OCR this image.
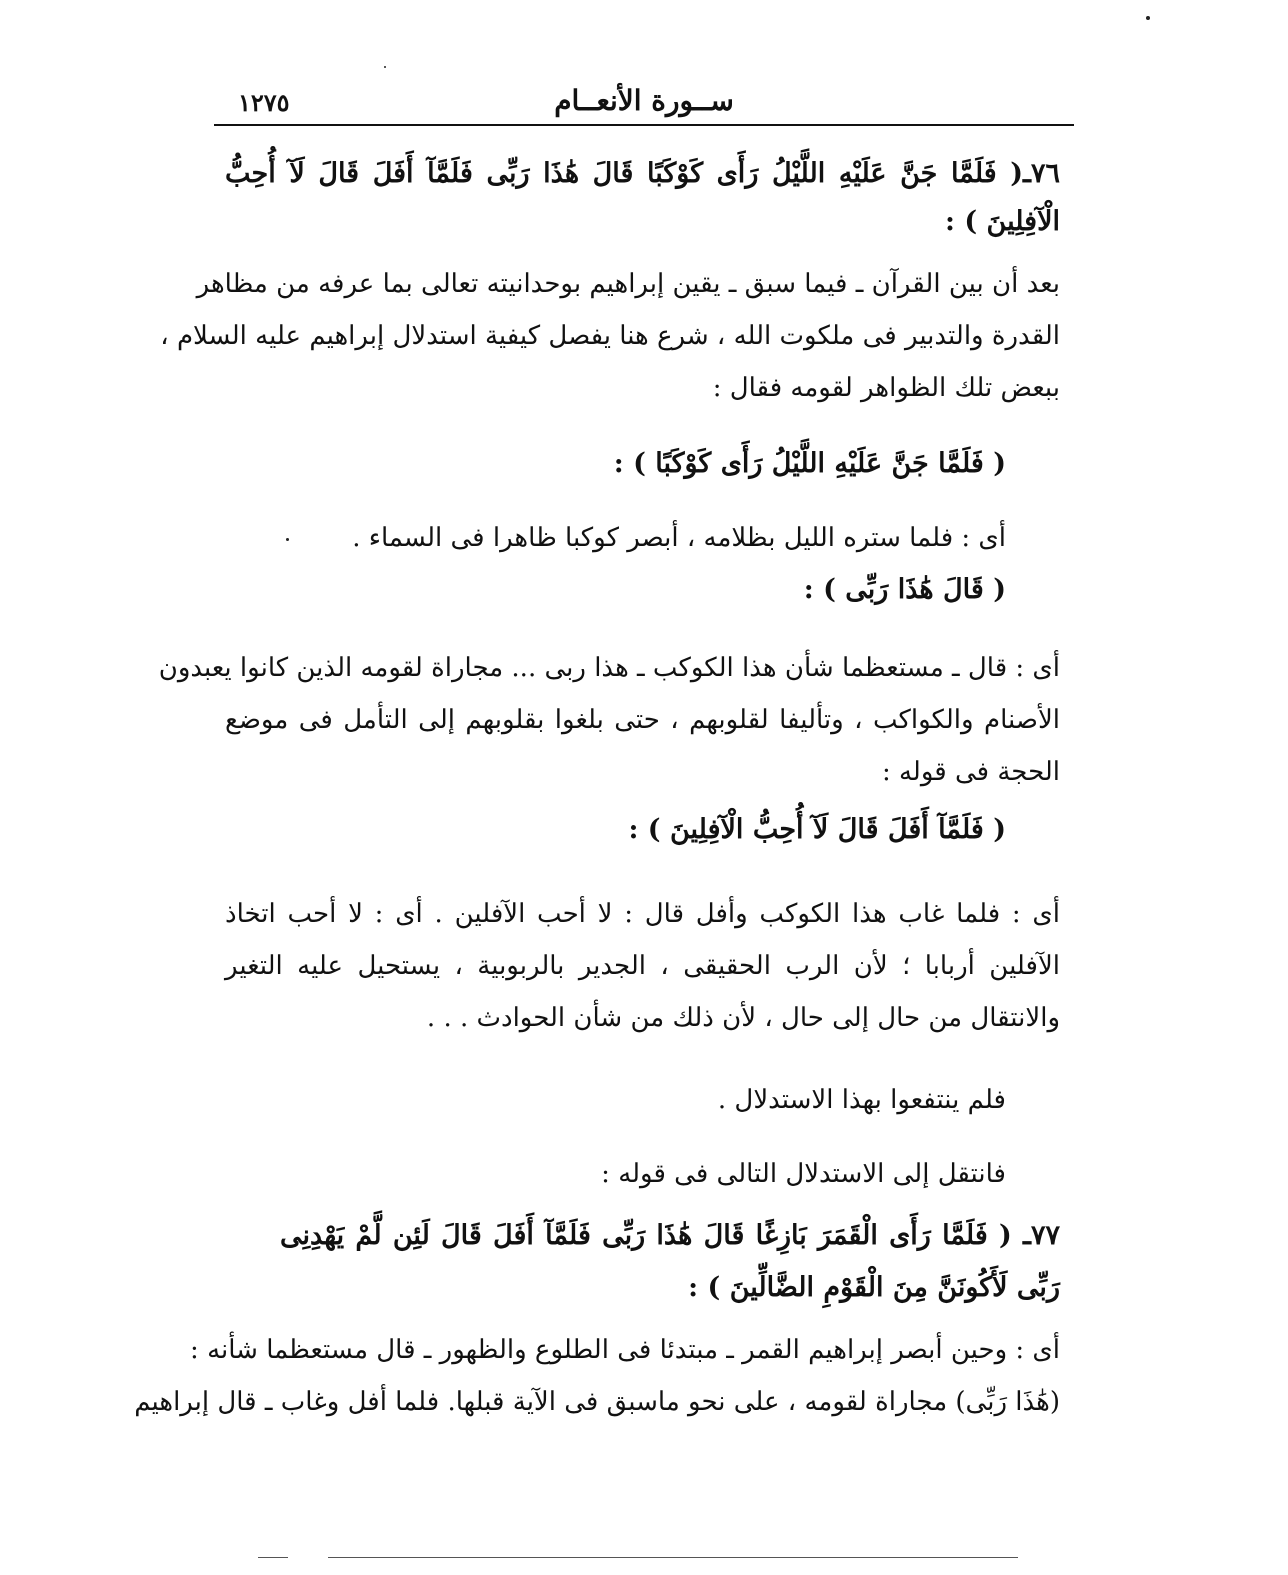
١٢٧٥	ســورة الأنعــام
٧٦ـ( فَلَمَّا جَنَّ عَلَيْهِ اللَّيْلُ رَأَى كَوْكَبًا قَالَ هَٰذَا رَبِّى فَلَمَّآ أَفَلَ قَالَ لَآ أُحِبُّ
الْآفِلِينَ ) :
بعد أن بين القرآن ـ فيما سبق ـ يقين إبراهيم بوحدانيته تعالى بما عرفه من مظاهر
القدرة والتدبير فى ملكوت الله ، شرع هنا يفصل كيفية استدلال إبراهيم عليه السلام ،
ببعض تلك الظواهر لقومه فقال :
( فَلَمَّا جَنَّ عَلَيْهِ اللَّيْلُ رَأَى كَوْكَبًا ) :
أى : فلما ستره الليل بظلامه ، أبصر كوكبا ظاهرا فى السماء .
( قَالَ هَٰذَا رَبِّى ) :
أى : قال ـ مستعظما شأن هذا الكوكب ـ هذا ربى ... مجاراة لقومه الذين كانوا يعبدون
الأصنام والكواكب ، وتأليفا لقلوبهم ، حتى بلغوا بقلوبهم إلى التأمل فى موضع
الحجة فى قوله :
( فَلَمَّآ أَفَلَ قَالَ لَآ أُحِبُّ الْآفِلِينَ ) :
أى : فلما غاب هذا الكوكب وأفل قال : لا أحب الآفلين . أى : لا أحب اتخاذ
الآفلين أربابا ؛ لأن الرب الحقيقى ، الجدير بالربوبية ، يستحيل عليه التغير
والانتقال من حال إلى حال ، لأن ذلك من شأن الحوادث . . .
فلم ينتفعوا بهذا الاستدلال .
فانتقل إلى الاستدلال التالى فى قوله :
٧٧ـ ( فَلَمَّا رَأَى الْقَمَرَ بَازِغًا قَالَ هَٰذَا رَبِّى فَلَمَّآ أَفَلَ قَالَ لَئِن لَّمْ يَهْدِنِى
رَبِّى لَأَكُونَنَّ مِنَ الْقَوْمِ الضَّالِّينَ ) :
أى : وحين أبصر إبراهيم القمر ـ مبتدئا فى الطلوع والظهور ـ قال مستعظما شأنه :
(هَٰذَا رَبِّى) مجاراة لقومه ، على نحو ماسبق فى الآية قبلها. فلما أفل وغاب ـ قال إبراهيم
